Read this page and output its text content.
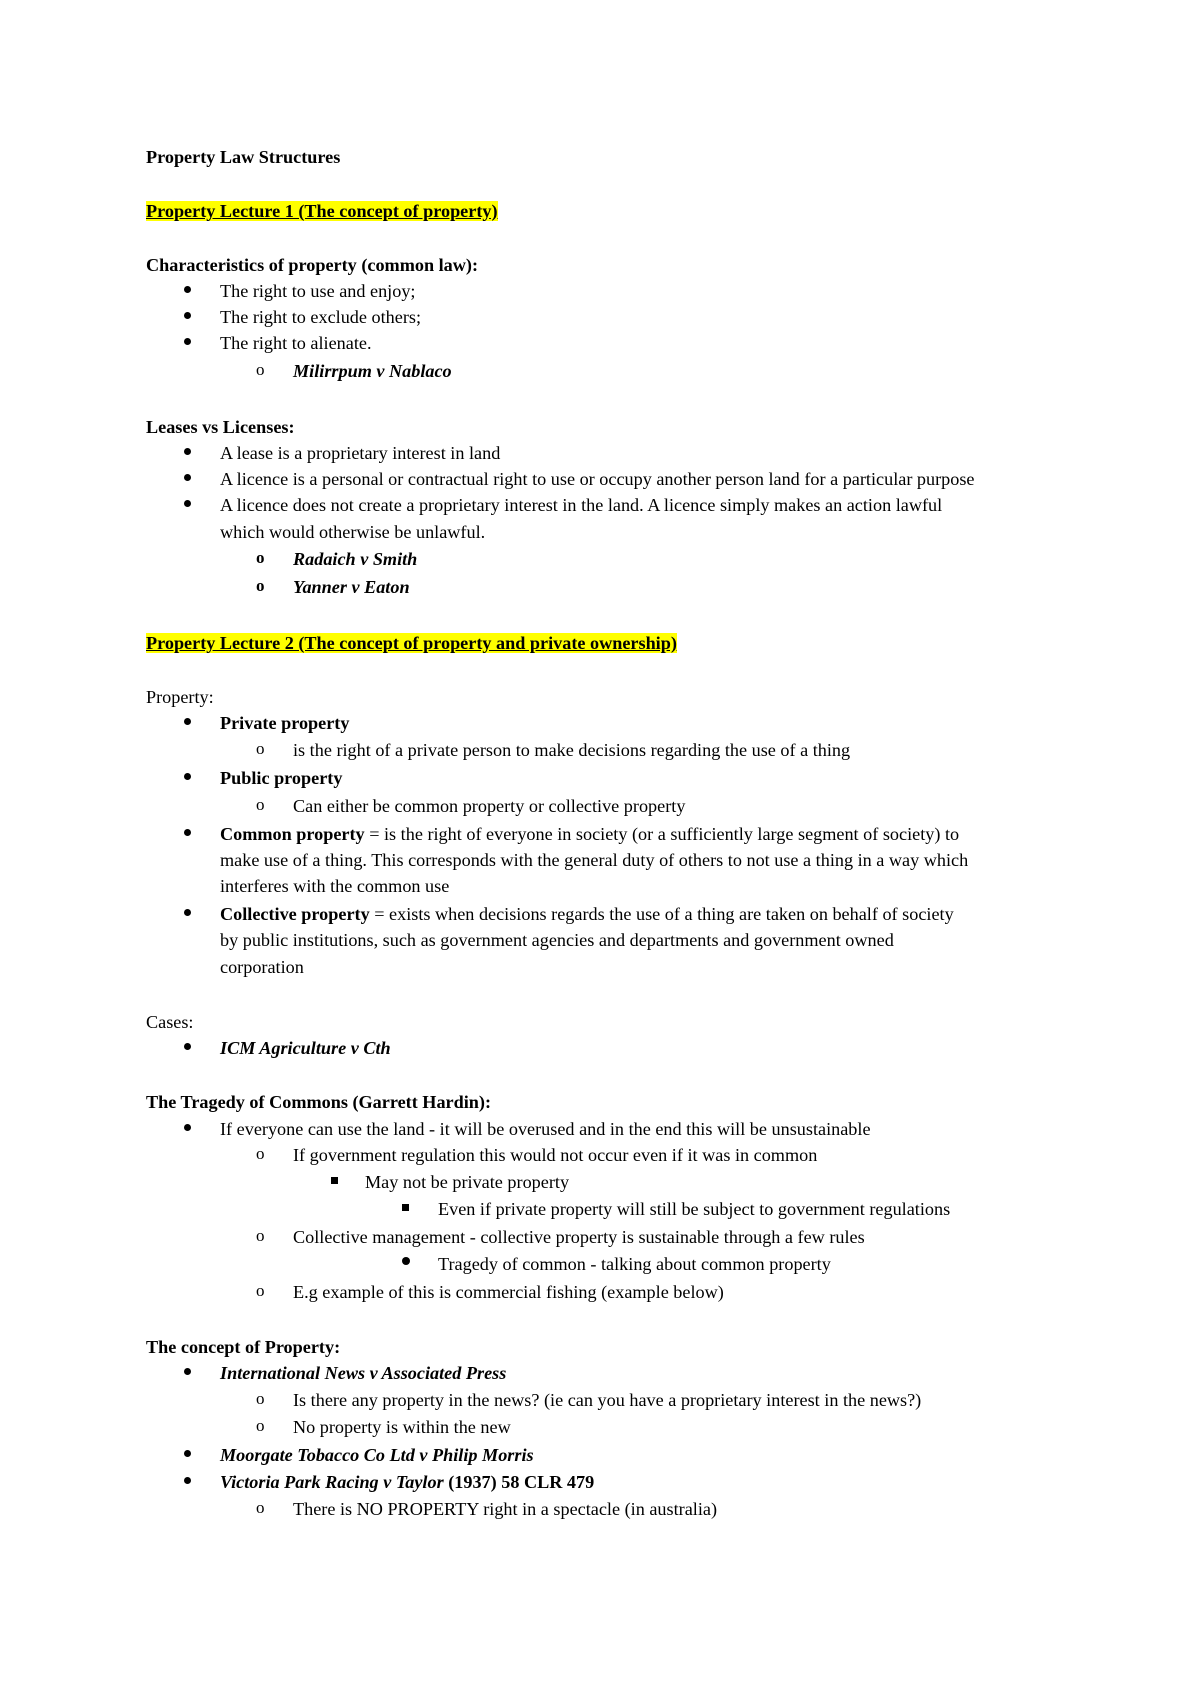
Property Law Structures
Property Lecture 1 (The concept of property)
Characteristics of property (common law):
The right to use and enjoy;
The right to exclude others;
The right to alienate.
o Milirrpum v Nablaco
Leases vs Licenses:
A lease is a proprietary interest in land
A licence is a personal or contractual right to use or occupy another person land for a particular purpose
A licence does not create a proprietary interest in the land. A licence simply makes an action lawful
which would otherwise be unlawful.
o Radaich v Smith
o Yanner v Eaton
Property Lecture 2 (The concept of property and private ownership)
Property:
Private property
o is the right of a private person to make decisions regarding the use of a thing
Public property
o Can either be common property or collective property
Common property = is the right of everyone in society (or a sufficiently large segment of society) to
make use of a thing. This corresponds with the general duty of others to not use a thing in a way which
interferes with the common use
Collective property = exists when decisions regards the use of a thing are taken on behalf of society
by public institutions, such as government agencies and departments and government owned
corporation
Cases:
ICM Agriculture v Cth
The Tragedy of Commons (Garrett Hardin):
If everyone can use the land - it will be overused and in the end this will be unsustainable
o If government regulation this would not occur even if it was in common
May not be private property
Even if private property will still be subject to government regulations
o Collective management - collective property is sustainable through a few rules
Tragedy of common - talking about common property
o E.g example of this is commercial fishing (example below)
The concept of Property:
International News v Associated Press
o Is there any property in the news? (ie can you have a proprietary interest in the news?)
o No property is within the new
Moorgate Tobacco Co Ltd v Philip Morris
Victoria Park Racing v Taylor (1937) 58 CLR 479
o There is NO PROPERTY right in a spectacle (in australia)
